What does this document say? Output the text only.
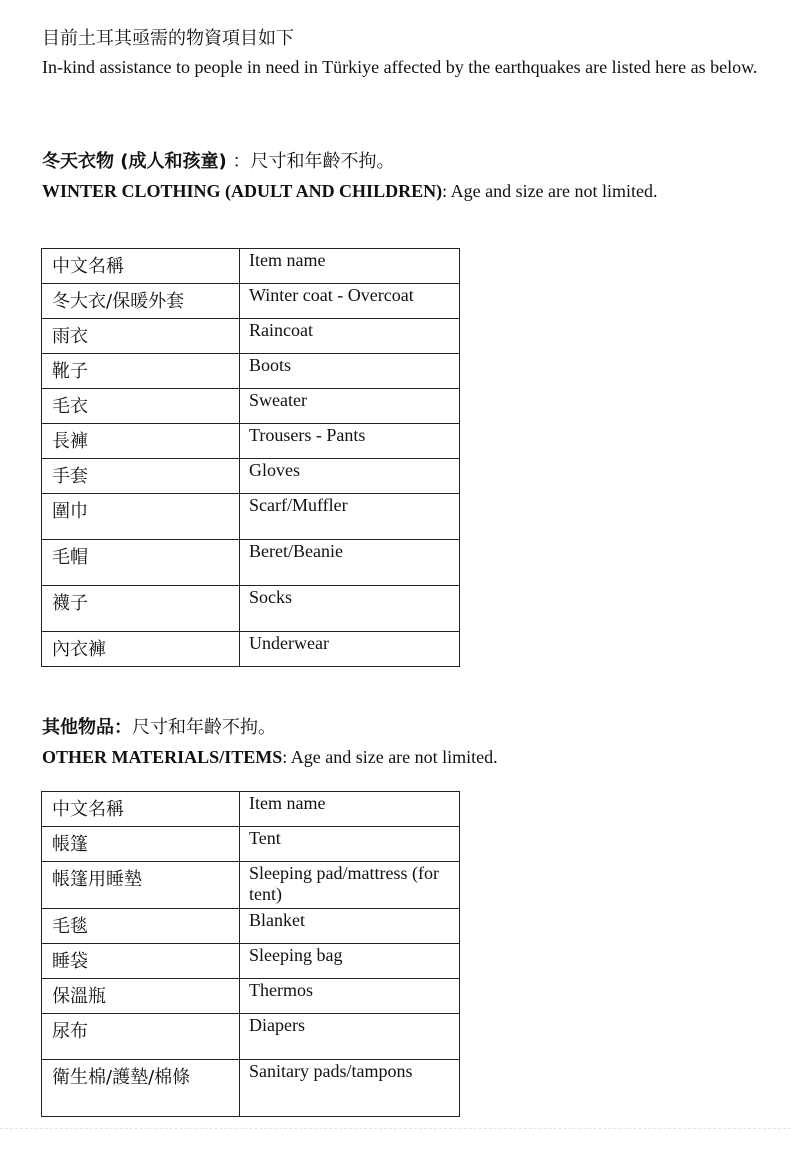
目前土耳其亟需的物資項目如下
In-kind assistance to people in need in Türkiye affected by the earthquakes are listed here as below.
冬天衣物 (成人和孩童) ：尺寸和年齡不拘。
WINTER CLOTHING (ADULT AND CHILDREN): Age and size are not limited.
中文名稱	Item name

冬大衣/保暖外套	Winter coat - Overcoat

雨衣	Raincoat

靴子	Boots

毛衣	Sweater

長褲	Trousers - Pants

手套	Gloves

圍巾	Scarf/Muffler

毛帽	Beret/Beanie

襪子	Socks

內衣褲	Underwear
其他物品：尺寸和年齡不拘。
OTHER MATERIALS/ITEMS: Age and size are not limited.
中文名稱	Item name

帳篷	Tent

帳篷用睡墊	Sleeping pad/mattress (for tent)

毛毯	Blanket

睡袋	Sleeping bag

保溫瓶	Thermos

尿布	Diapers

衛生棉/護墊/棉條	Sanitary pads/tampons
